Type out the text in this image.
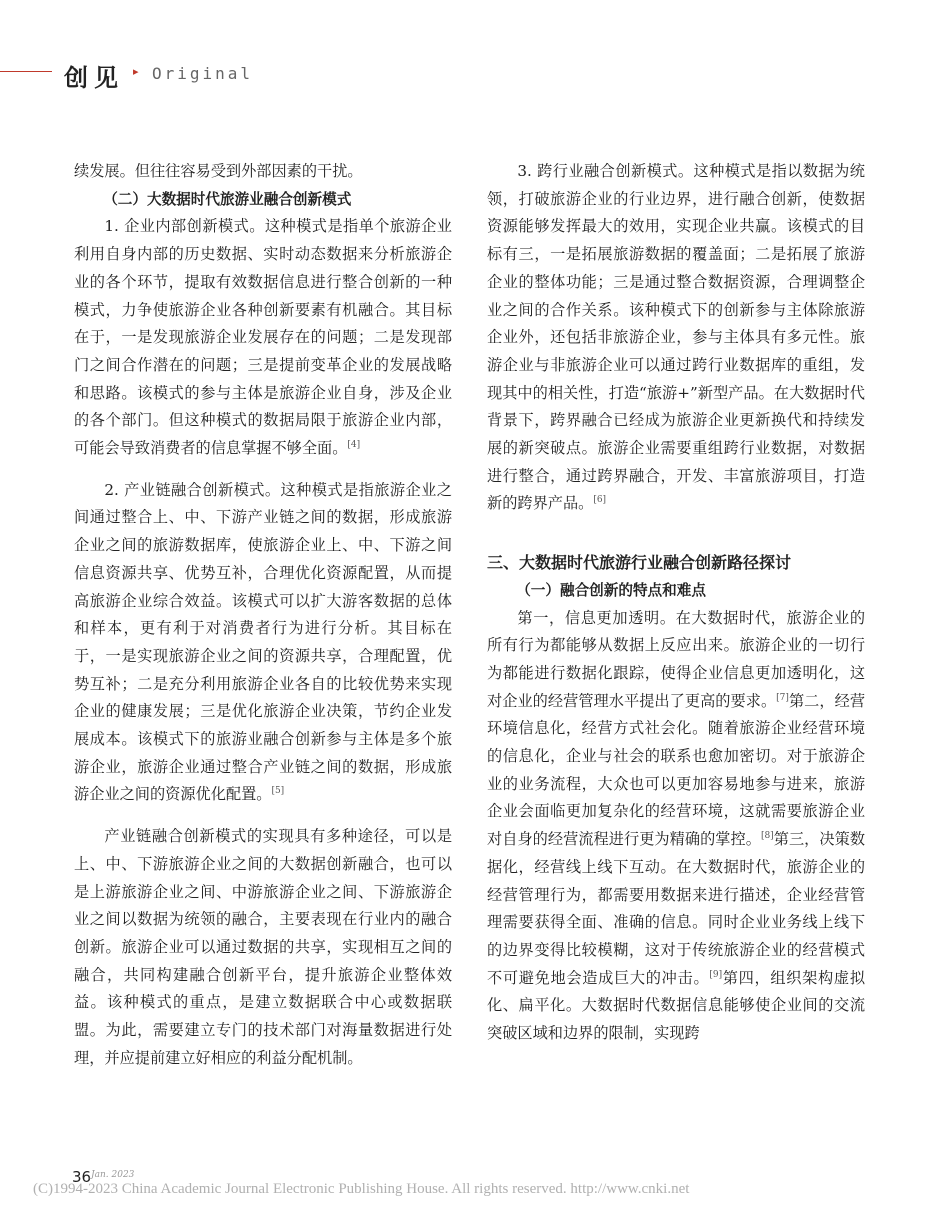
创见 ▸ Original

续发展。但往往容易受到外部因素的干扰。

（二）大数据时代旅游业融合创新模式

1. 企业内部创新模式。这种模式是指单个旅游企业利用自身内部的历史数据、实时动态数据来分析旅游企业的各个环节，提取有效数据信息进行整合创新的一种模式，力争使旅游企业各种创新要素有机融合。其目标在于，一是发现旅游企业发展存在的问题；二是发现部门之间合作潜在的问题；三是提前变革企业的发展战略和思路。该模式的参与主体是旅游企业自身，涉及企业的各个部门。但这种模式的数据局限于旅游企业内部，可能会导致消费者的信息掌握不够全面。[4]

2. 产业链融合创新模式。这种模式是指旅游企业之间通过整合上、中、下游产业链之间的数据，形成旅游企业之间的旅游数据库，使旅游企业上、中、下游之间信息资源共享、优势互补，合理优化资源配置，从而提高旅游企业综合效益。该模式可以扩大游客数据的总体和样本，更有利于对消费者行为进行分析。其目标在于，一是实现旅游企业之间的资源共享，合理配置，优势互补；二是充分利用旅游企业各自的比较优势来实现企业的健康发展；三是优化旅游企业决策，节约企业发展成本。该模式下的旅游业融合创新参与主体是多个旅游企业，旅游企业通过整合产业链之间的数据，形成旅游企业之间的资源优化配置。[5]

产业链融合创新模式的实现具有多种途径，可以是上、中、下游旅游企业之间的大数据创新融合，也可以是上游旅游企业之间、中游旅游企业之间、下游旅游企业之间以数据为统领的融合，主要表现在行业内的融合创新。旅游企业可以通过数据的共享，实现相互之间的融合，共同构建融合创新平台，提升旅游企业整体效益。该种模式的重点，是建立数据联合中心或数据联盟。为此，需要建立专门的技术部门对海量数据进行处理，并应提前建立好相应的利益分配机制。

3. 跨行业融合创新模式。这种模式是指以数据为统领，打破旅游企业的行业边界，进行融合创新，使数据资源能够发挥最大的效用，实现企业共赢。该模式的目标有三，一是拓展旅游数据的覆盖面；二是拓展了旅游企业的整体功能；三是通过整合数据资源，合理调整企业之间的合作关系。该种模式下的创新参与主体除旅游企业外，还包括非旅游企业，参与主体具有多元性。旅游企业与非旅游企业可以通过跨行业数据库的重组，发现其中的相关性，打造“旅游+”新型产品。在大数据时代背景下，跨界融合已经成为旅游企业更新换代和持续发展的新突破点。旅游企业需要重组跨行业数据，对数据进行整合，通过跨界融合，开发、丰富旅游项目，打造新的跨界产品。[6]

三、大数据时代旅游行业融合创新路径探讨

（一）融合创新的特点和难点

第一，信息更加透明。在大数据时代，旅游企业的所有行为都能够从数据上反应出来。旅游企业的一切行为都能进行数据化跟踪，使得企业信息更加透明化，这对企业的经营管理水平提出了更高的要求。[7]第二，经营环境信息化，经营方式社会化。随着旅游企业经营环境的信息化，企业与社会的联系也愈加密切。对于旅游企业的业务流程，大众也可以更加容易地参与进来，旅游企业会面临更加复杂化的经营环境，这就需要旅游企业对自身的经营流程进行更为精确的掌控。[8]第三，决策数据化，经营线上线下互动。在大数据时代，旅游企业的经营管理行为，都需要用数据来进行描述，企业经营管理需要获得全面、准确的信息。同时企业业务线上线下的边界变得比较模糊，这对于传统旅游企业的经营模式不可避免地会造成巨大的冲击。[9]第四，组织架构虚拟化、扁平化。大数据时代数据信息能够使企业间的交流突破区域和边界的限制，实现跨

36 Jan. 2023
(C)1994-2023 China Academic Journal Electronic Publishing House. All rights reserved. http://www.cnki.net
